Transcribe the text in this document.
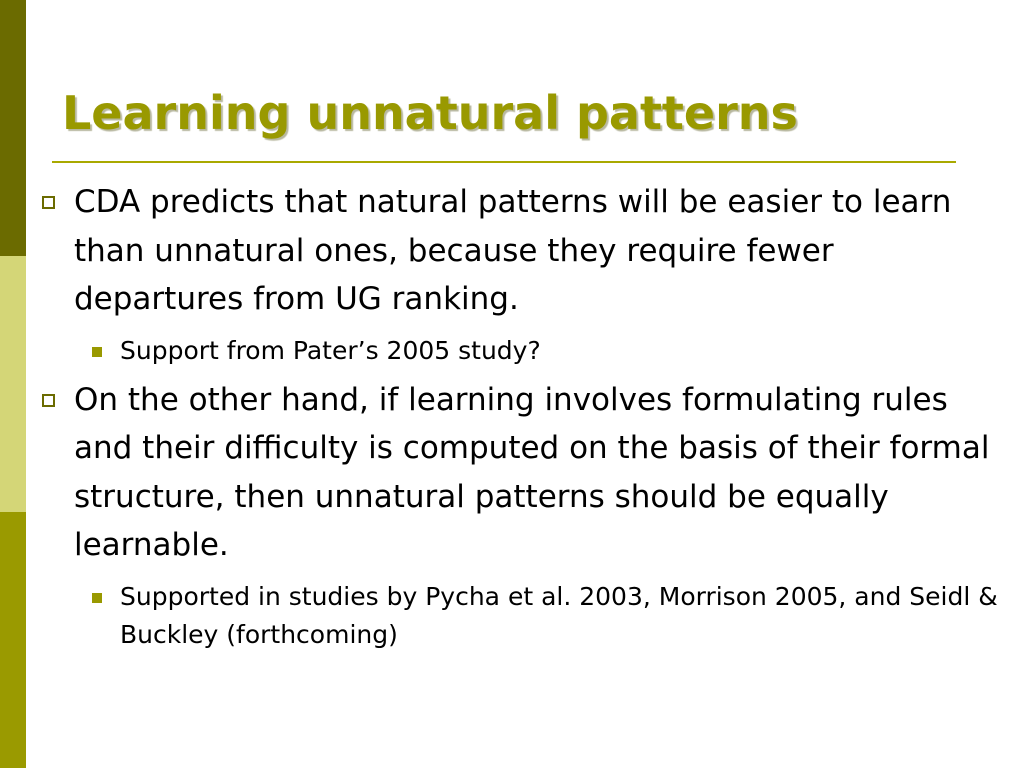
Learning unnatural patterns

CDA predicts that natural patterns will be easier to learn than unnatural ones, because they require fewer departures from UG ranking.

Support from Pater’s 2005 study?

On the other hand, if learning involves formulating rules and their difficulty is computed on the basis of their formal structure, then unnatural patterns should be equally learnable.

Supported in studies by Pycha et al. 2003, Morrison 2005, and Seidl & Buckley (forthcoming)
